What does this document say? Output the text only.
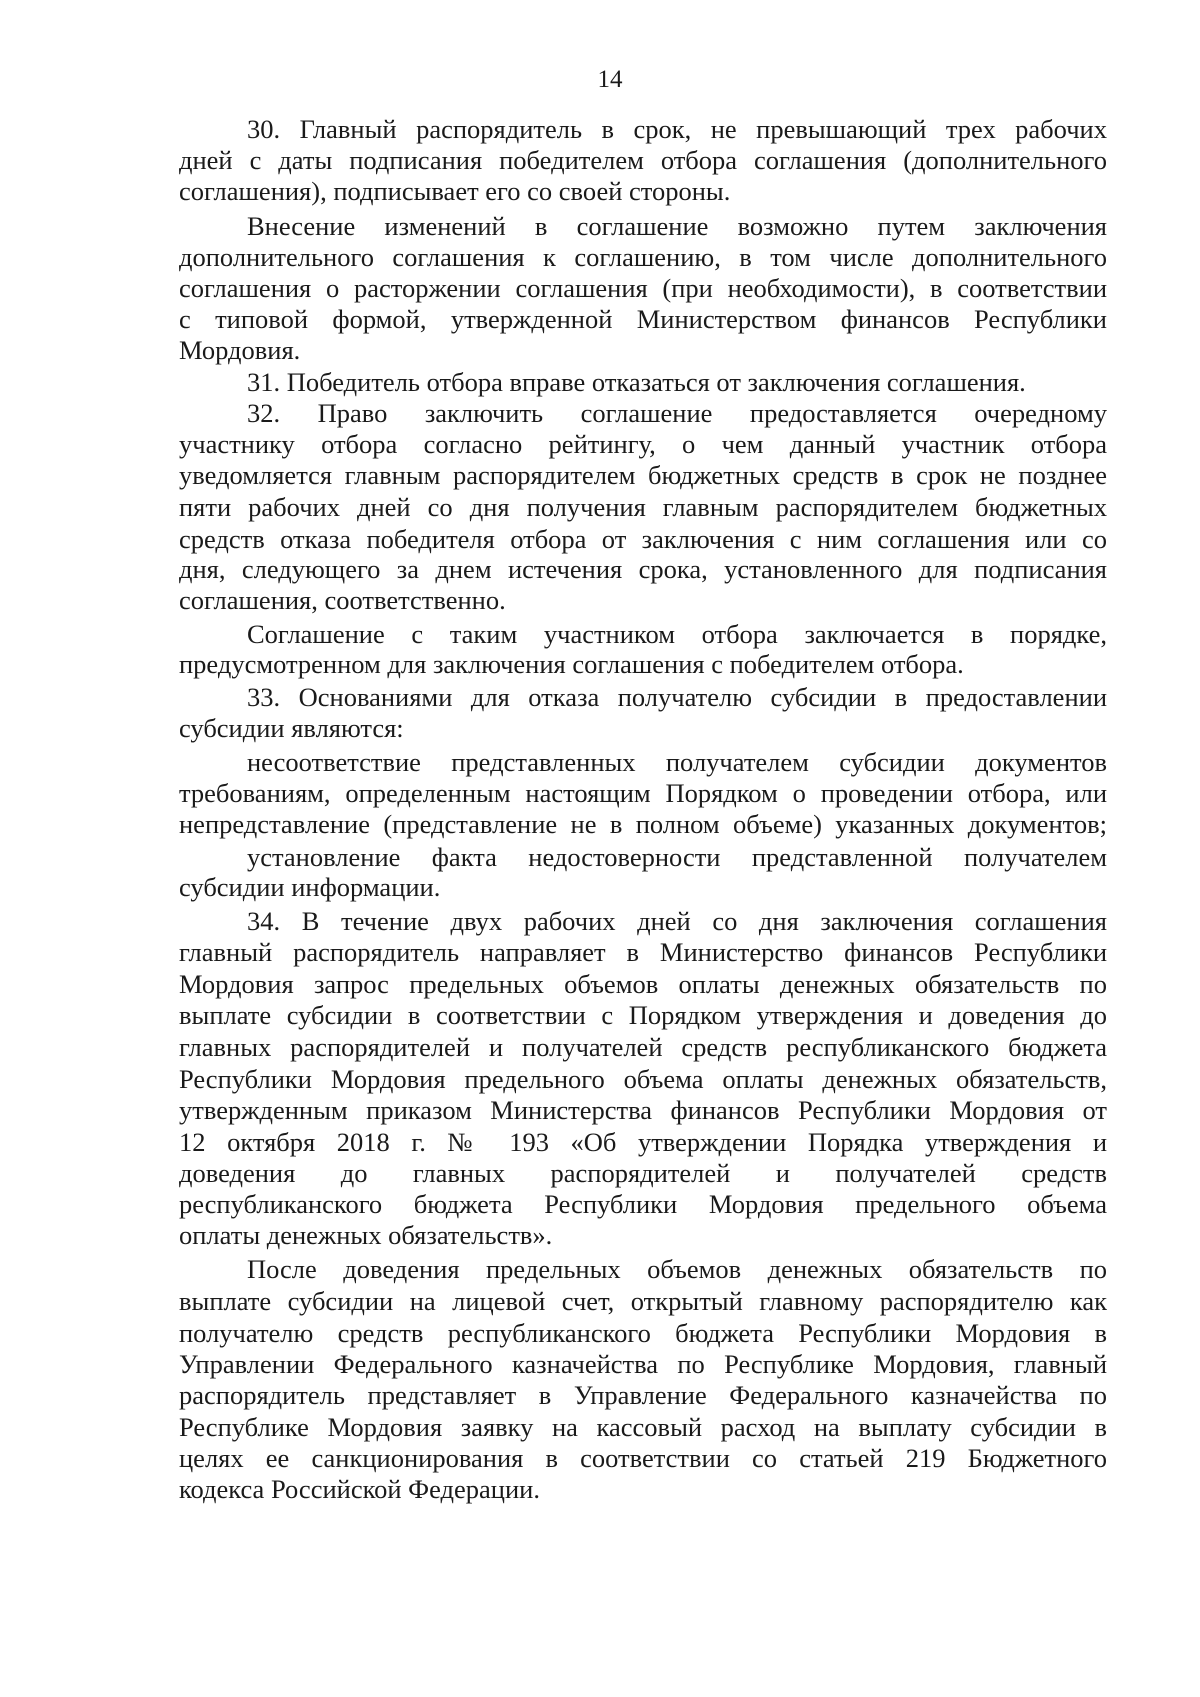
14
30. Главный распорядитель в срок, не превышающий трех рабочих
дней с даты подписания победителем отбора соглашения (дополнительного
соглашения), подписывает его со своей стороны.
Внесение изменений в соглашение возможно путем заключения
дополнительного соглашения к соглашению, в том числе дополнительного
соглашения о расторжении соглашения (при необходимости), в соответствии
с типовой формой, утвержденной Министерством финансов Республики
Мордовия.
31. Победитель отбора вправе отказаться от заключения соглашения.
32. Право заключить соглашение предоставляется очередному
участнику отбора согласно рейтингу, о чем данный участник отбора
уведомляется главным распорядителем бюджетных средств в срок не позднее
пяти рабочих дней со дня получения главным распорядителем бюджетных
средств отказа победителя отбора от заключения с ним соглашения или со
дня, следующего за днем истечения срока, установленного для подписания
соглашения, соответственно.
Соглашение с таким участником отбора заключается в порядке,
предусмотренном для заключения соглашения с победителем отбора.
33. Основаниями для отказа получателю субсидии в предоставлении
субсидии являются:
несоответствие представленных получателем субсидии документов
требованиям, определенным настоящим Порядком о проведении отбора, или
непредставление (представление не в полном объеме) указанных документов;
установление факта недостоверности представленной получателем
субсидии информации.
34. В течение двух рабочих дней со дня заключения соглашения
главный распорядитель направляет в Министерство финансов Республики
Мордовия запрос предельных объемов оплаты денежных обязательств по
выплате субсидии в соответствии с Порядком утверждения и доведения до
главных распорядителей и получателей средств республиканского бюджета
Республики Мордовия предельного объема оплаты денежных обязательств,
утвержденным приказом Министерства финансов Республики Мордовия от
12 октября 2018 г. № 193 «Об утверждении Порядка утверждения и
доведения до главных распорядителей и получателей средств
республиканского бюджета Республики Мордовия предельного объема
оплаты денежных обязательств».
После доведения предельных объемов денежных обязательств по
выплате субсидии на лицевой счет, открытый главному распорядителю как
получателю средств республиканского бюджета Республики Мордовия в
Управлении Федерального казначейства по Республике Мордовия, главный
распорядитель представляет в Управление Федерального казначейства по
Республике Мордовия заявку на кассовый расход на выплату субсидии в
целях ее санкционирования в соответствии со статьей 219 Бюджетного
кодекса Российской Федерации.
